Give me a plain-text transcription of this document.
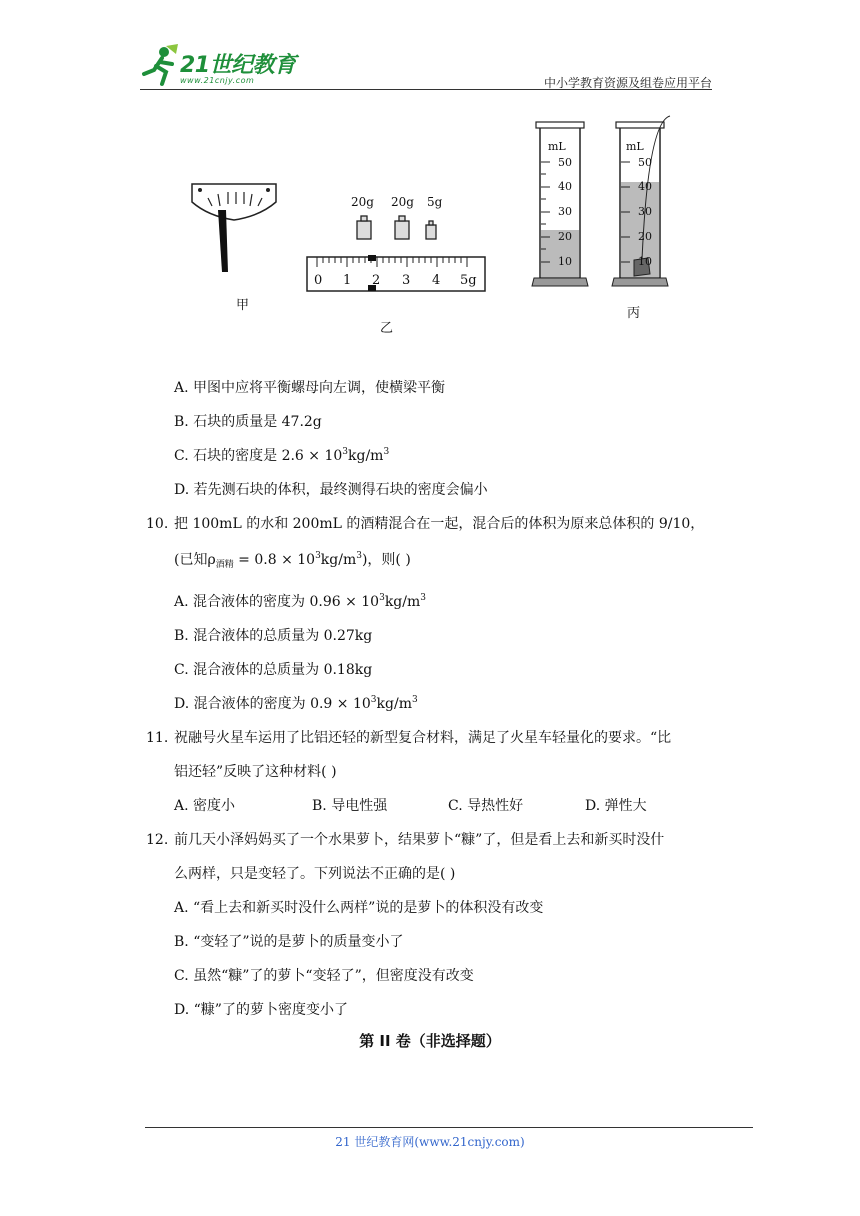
21世纪教育
www.21cnjy.com	中小学教育资源及组卷应用平台
甲
20g 20g 5g
0 1 2 3 4 5g
乙
mL
50
40
30
20
10
mL
50
40
30
20
10
丙
A. 甲图中应将平衡螺母向左调，使横梁平衡
B. 石块的质量是 47.2g
C. 石块的密度是 $2.6 \times 10^3kg/m^3$
D. 若先测石块的体积，最终测得石块的密度会偏小
10. 把 100mL 的水和 200mL 的酒精混合在一起，混合后的体积为原来总体积的 9/10，
(已知$\rho_{酒精} = 0.8 \times 10^3kg/m^3$)，则( )
A. 混合液体的密度为 $0.96 \times 10^3kg/m^3$
B. 混合液体的总质量为 0.27kg
C. 混合液体的总质量为 0.18kg
D. 混合液体的密度为 $0.9 \times 10^3kg/m^3$
11. 祝融号火星车运用了比铝还轻的新型复合材料，满足了火星车轻量化的要求。“比
铝还轻”反映了这种材料( )
A. 密度小	B. 导电性强	C. 导热性好	D. 弹性大
12. 前几天小泽妈妈买了一个水果萝卜，结果萝卜“糠”了，但是看上去和新买时没什
么两样，只是变轻了。下列说法不正确的是( )
A. “看上去和新买时没什么两样”说的是萝卜的体积没有改变
B. “变轻了”说的是萝卜的质量变小了
C. 虽然“糠”了的萝卜“变轻了”，但密度没有改变
D. “糠”了的萝卜密度变小了
第 II 卷（非选择题）
21 世纪教育网(www.21cnjy.com)
